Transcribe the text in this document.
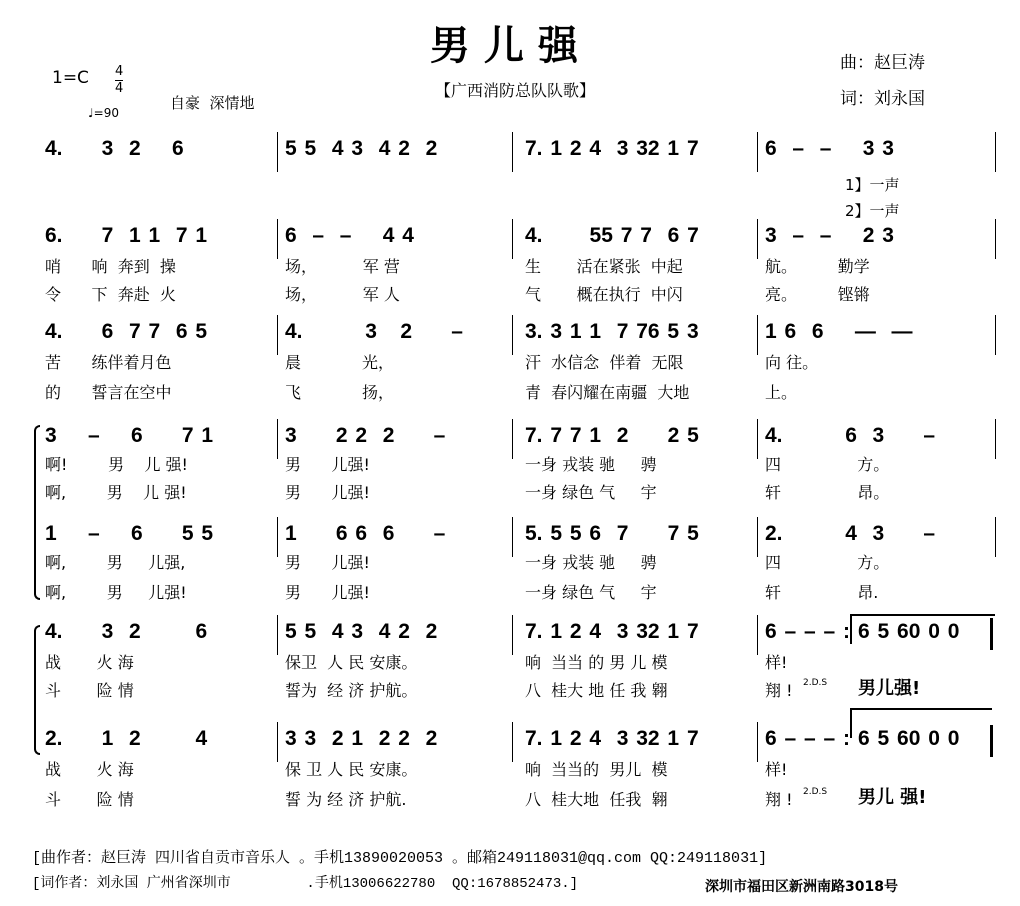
男儿强
【广西消防总队队歌】
曲：赵巨涛
词：刘永国
1=C 4
4
♩=90
自豪  深情地
4.     3  2    6	5 5  4 3  4 2  2	7. 1 2 4  3 32 1 7	6  –  –    3 3
6.     7  1 1  7 1	6  –  –    4 4	4.      55 7 7  6 7	3  –  –    2 3
哨      响  奔到  操	场，         军 营	生       活在紧张  中起	航。        勤学
令      下  奔赴  火	场，         军 人	气       概在执行  中闪	亮。        铿锵
4.     6  7 7  6 5	4.        3   2     –	3. 3 1 1  7 76 5 3	1 6  6    —  —
苦      练伴着月色	晨            光，	汗  水信念  伴着  无限	向 往。
的      誓言在空中	飞            扬，	青  春闪耀在南疆  大地	上。
3    –    6     7 1	3     2 2  2     –	7. 7 7 1  2     2 5	4.        6  3     –
啊!        男    儿 强!	男      儿强!	一身 戎装 驰     骋	四               方。
啊,        男    儿 强!	男      儿强!	一身 绿色 气     宇	轩               昂。
1    –    6     5 5	1     6 6  6     –	5. 5 5 6  7     7 5	2.        4  3     –
啊,        男     儿强,	男      儿强!	一身 戎装 驰     骋	四               方。
啊,        男     儿强!	男      儿强!	一身 绿色 气     宇	轩               昂.
4.     3  2       6	5 5  4 3  4 2  2	7. 1 2 4  3 32 1 7	6 – – – : 6 5 60 0 0
战       火 海	保卫  人 民 安康。	响  当当 的 男 儿 模	样!
斗       险 情	誓为  经 济 护航。	八  桂大 地 任 我 翱	翔 ! 2.D.S 男儿强!
2.     1  2       4	3 3  2 1  2 2  2	7. 1 2 4  3 32 1 7	6 – – – : 6 5 60 0 0
战       火 海	保 卫 人 民 安康。	响  当当的  男儿  模	样!
斗       险 情	誓 为 经 济 护航.	八  桂大地  任我  翱	翔 ! 2.D.S 男儿 强!
1】一声
2】一声
[曲作者：赵巨涛 四川省自贡市音乐人 。手机13890020053 。邮箱249118031@qq.com QQ:249118031]
[词作者：刘永国 广州省深圳市         .手机13006622780  QQ:1678852473.]	深圳市福田区新洲南路3018号
